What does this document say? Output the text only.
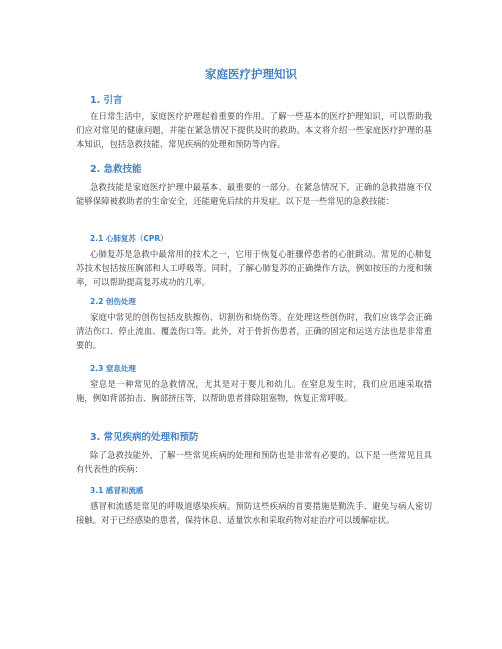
家庭医疗护理知识
1. 引言
在日常生活中，家庭医疗护理起着重要的作用。了解一些基本的医疗护理知识，可以帮助我们应对常见的健康问题，并能在紧急情况下提供及时的救助。本文将介绍一些家庭医疗护理的基本知识，包括急救技能、常见疾病的处理和预防等内容。
2. 急救技能
急救技能是家庭医疗护理中最基本、最重要的一部分。在紧急情况下，正确的急救措施不仅能够保障被救助者的生命安全，还能避免后续的并发症。以下是一些常见的急救技能：
2.1 心肺复苏（CPR）
心肺复苏是急救中最常用的技术之一，它用于恢复心脏骤停患者的心脏跳动。常见的心肺复苏技术包括按压胸部和人工呼吸等。同时，了解心肺复苏的正确操作方法，例如按压的力度和频率，可以帮助提高复苏成功的几率。
2.2 创伤处理
家庭中常见的创伤包括皮肤擦伤、切割伤和烧伤等。在处理这些创伤时，我们应该学会正确清洁伤口、停止流血、覆盖伤口等。此外，对于骨折伤患者，正确的固定和运送方法也是非常重要的。
2.3 窒息处理
窒息是一种常见的急救情况，尤其是对于婴儿和幼儿。在窒息发生时，我们应迅速采取措施，例如背部拍击、胸部挤压等，以帮助患者排除阻塞物，恢复正常呼吸。
3. 常见疾病的处理和预防
除了急救技能外，了解一些常见疾病的处理和预防也是非常有必要的。以下是一些常见且具有代表性的疾病：
3.1 感冒和流感
感冒和流感是常见的呼吸道感染疾病。预防这些疾病的首要措施是勤洗手、避免与病人密切接触。对于已经感染的患者，保持休息、适量饮水和采取药物对症治疗可以缓解症状。
